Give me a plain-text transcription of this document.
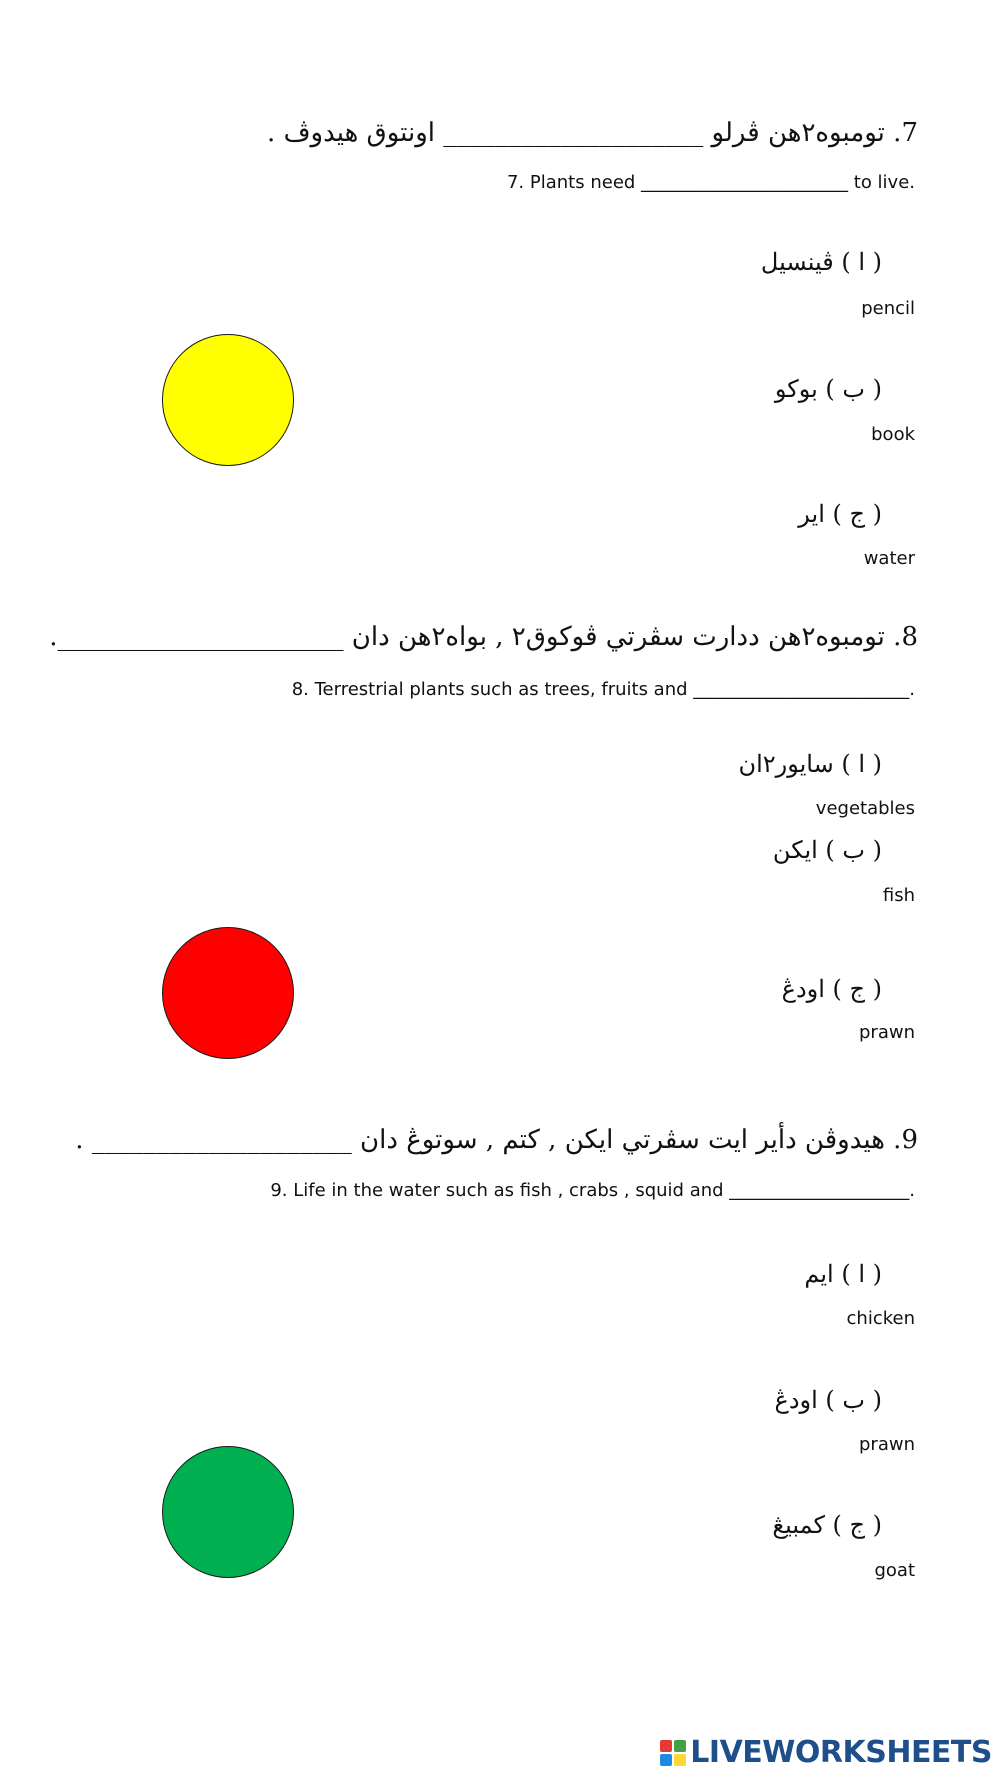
7. تومبوه٢هن ڤرلو ____________________ اونتوق هيدوڤ .
7. Plants need _______________________ to live.
( ا ) ڤينسيل
pencil
( ب ) بوكو
book
( ج ) اير
water
8. تومبوه٢هن ددارت سڤرتي ڤوكوق٢ , بواه٢هن دان ______________________.
8. Terrestrial plants such as trees, fruits and ________________________.
( ا ) سايور٢ان
vegetables
( ب ) ايكن
fish
( ج ) اودڠ
prawn
9. هيدوڤن دأير ايت سڤرتي ايكن , كتم , سوتوڠ دان ____________________ .
9. Life in the water such as fish , crabs , squid and ____________________.
( ا ) ايم
chicken
( ب ) اودڠ
prawn
( ج ) كمبيڠ
goat
LIVEWORKSHEETS
